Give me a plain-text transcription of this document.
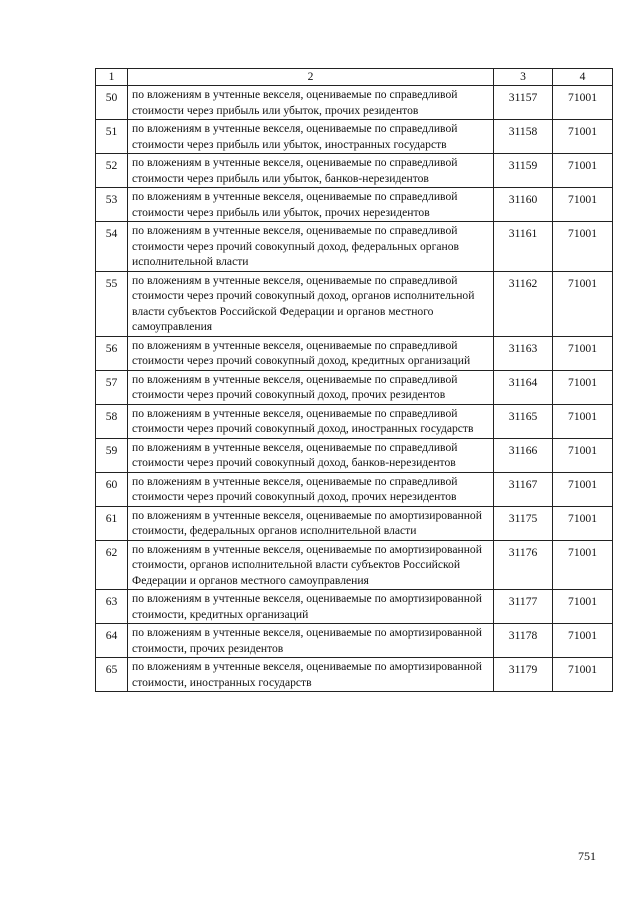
1	2	3	4
50	по вложениям в учтенные векселя, оцениваемые по справедливой стоимости через прибыль или убыток, прочих резидентов	31157	71001
51	по вложениям в учтенные векселя, оцениваемые по справедливой стоимости через прибыль или убыток, иностранных государств	31158	71001
52	по вложениям в учтенные векселя, оцениваемые по справедливой стоимости через прибыль или убыток, банков-нерезидентов	31159	71001
53	по вложениям в учтенные векселя, оцениваемые по справедливой стоимости через прибыль или убыток, прочих нерезидентов	31160	71001
54	по вложениям в учтенные векселя, оцениваемые по справедливой стоимости через прочий совокупный доход, федеральных органов исполнительной власти	31161	71001
55	по вложениям в учтенные векселя, оцениваемые по справедливой стоимости через прочий совокупный доход, органов исполнительной власти субъектов Российской Федерации и органов местного самоуправления	31162	71001
56	по вложениям в учтенные векселя, оцениваемые по справедливой стоимости через прочий совокупный доход, кредитных организаций	31163	71001
57	по вложениям в учтенные векселя, оцениваемые по справедливой стоимости через прочий совокупный доход, прочих резидентов	31164	71001
58	по вложениям в учтенные векселя, оцениваемые по справедливой стоимости через прочий совокупный доход, иностранных государств	31165	71001
59	по вложениям в учтенные векселя, оцениваемые по справедливой стоимости через прочий совокупный доход, банков-нерезидентов	31166	71001
60	по вложениям в учтенные векселя, оцениваемые по справедливой стоимости через прочий совокупный доход, прочих нерезидентов	31167	71001
61	по вложениям в учтенные векселя, оцениваемые по амортизированной стоимости, федеральных органов исполнительной власти	31175	71001
62	по вложениям в учтенные векселя, оцениваемые по амортизированной стоимости, органов исполнительной власти субъектов Российской Федерации и органов местного самоуправления	31176	71001
63	по вложениям в учтенные векселя, оцениваемые по амортизированной стоимости, кредитных организаций	31177	71001
64	по вложениям в учтенные векселя, оцениваемые по амортизированной стоимости, прочих резидентов	31178	71001
65	по вложениям в учтенные векселя, оцениваемые по амортизированной стоимости, иностранных государств	31179	71001
751
